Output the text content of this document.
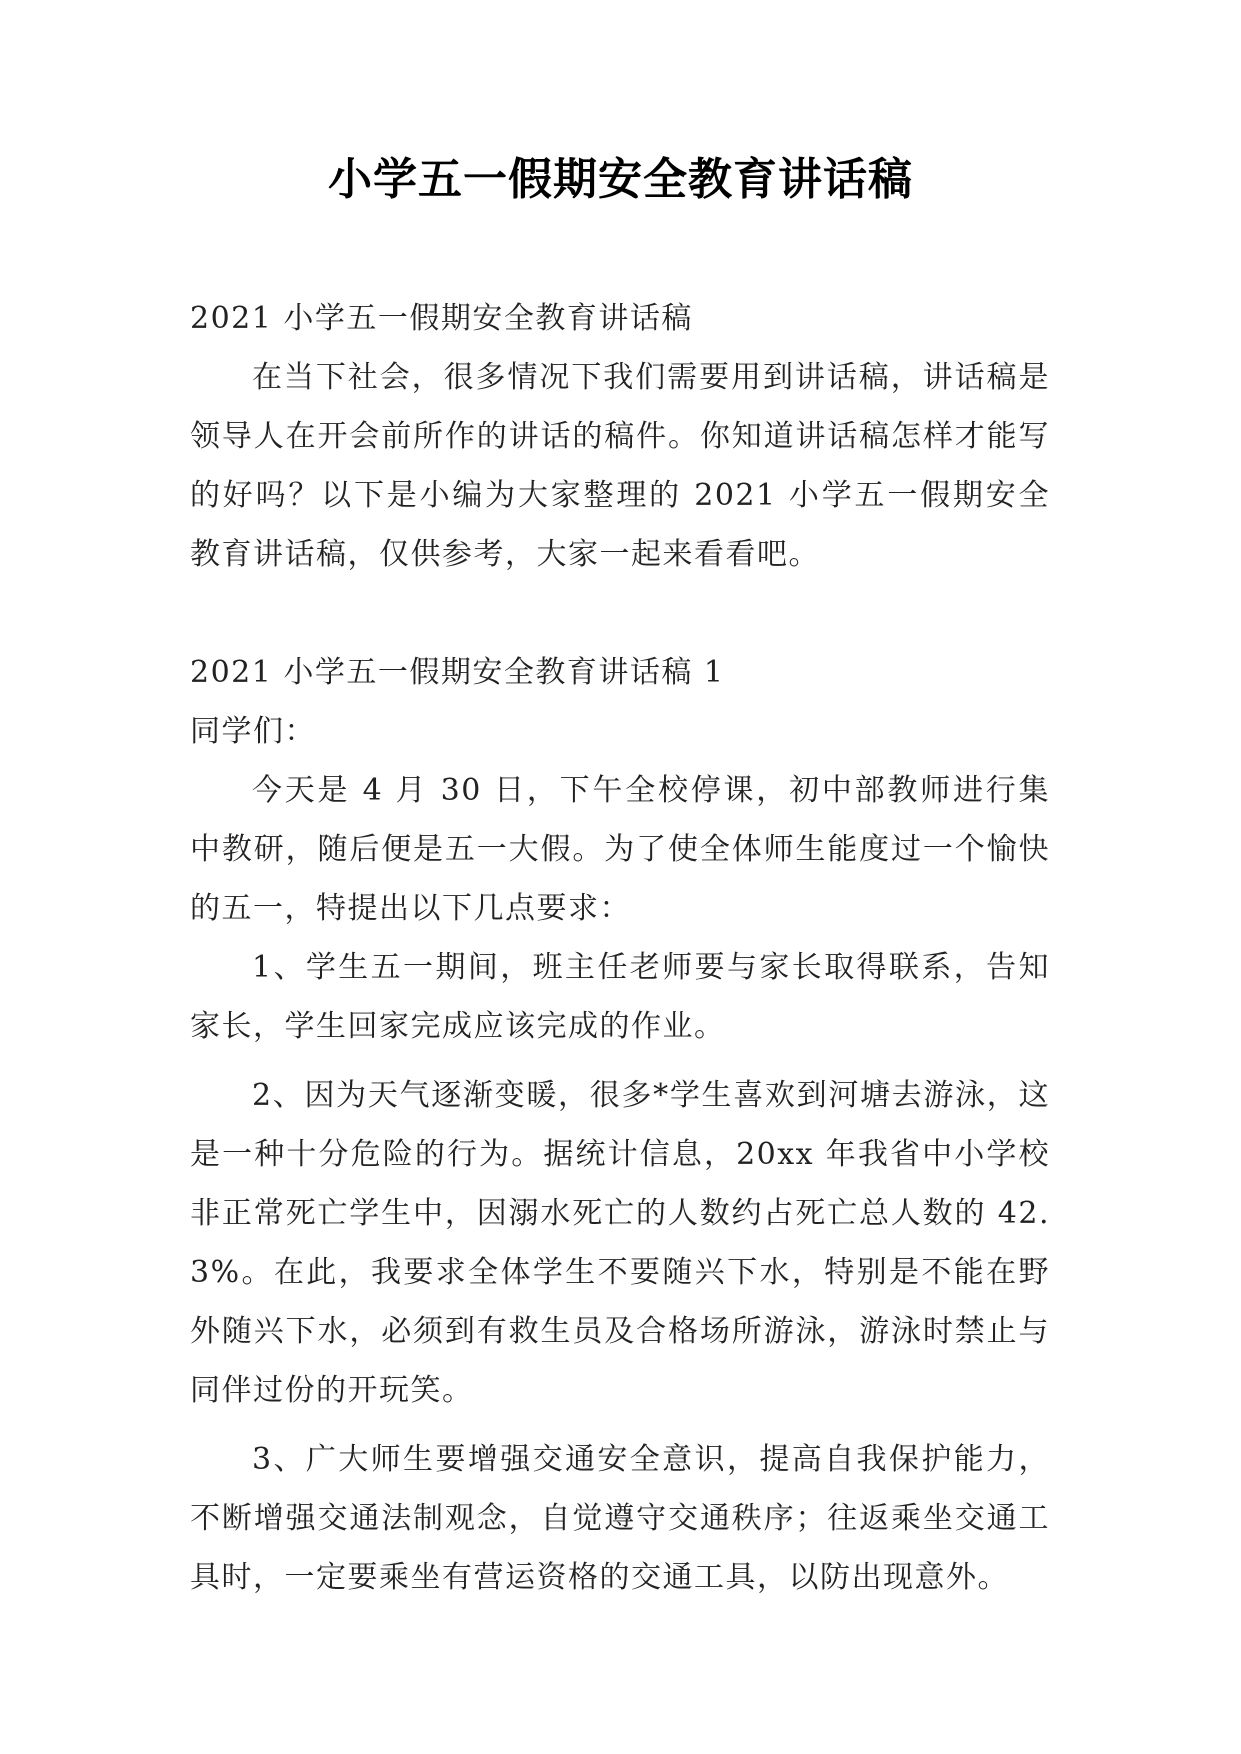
小学五一假期安全教育讲话稿

2021 小学五一假期安全教育讲话稿

在当下社会，很多情况下我们需要用到讲话稿，讲话稿是领导人在开会前所作的讲话的稿件。你知道讲话稿怎样才能写的好吗？以下是小编为大家整理的 2021 小学五一假期安全教育讲话稿，仅供参考，大家一起来看看吧。

2021 小学五一假期安全教育讲话稿 1

同学们：

今天是 4 月 30 日，下午全校停课，初中部教师进行集中教研，随后便是五一大假。为了使全体师生能度过一个愉快的五一，特提出以下几点要求：

1、学生五一期间，班主任老师要与家长取得联系，告知家长，学生回家完成应该完成的作业。

2、因为天气逐渐变暖，很多*学生喜欢到河塘去游泳，这是一种十分危险的行为。据统计信息，20xx 年我省中小学校非正常死亡学生中，因溺水死亡的人数约占死亡总人数的 42.3%。在此，我要求全体学生不要随兴下水，特别是不能在野外随兴下水，必须到有救生员及合格场所游泳，游泳时禁止与同伴过份的开玩笑。

3、广大师生要增强交通安全意识，提高自我保护能力，不断增强交通法制观念，自觉遵守交通秩序；往返乘坐交通工具时，一定要乘坐有营运资格的交通工具，以防出现意外。
